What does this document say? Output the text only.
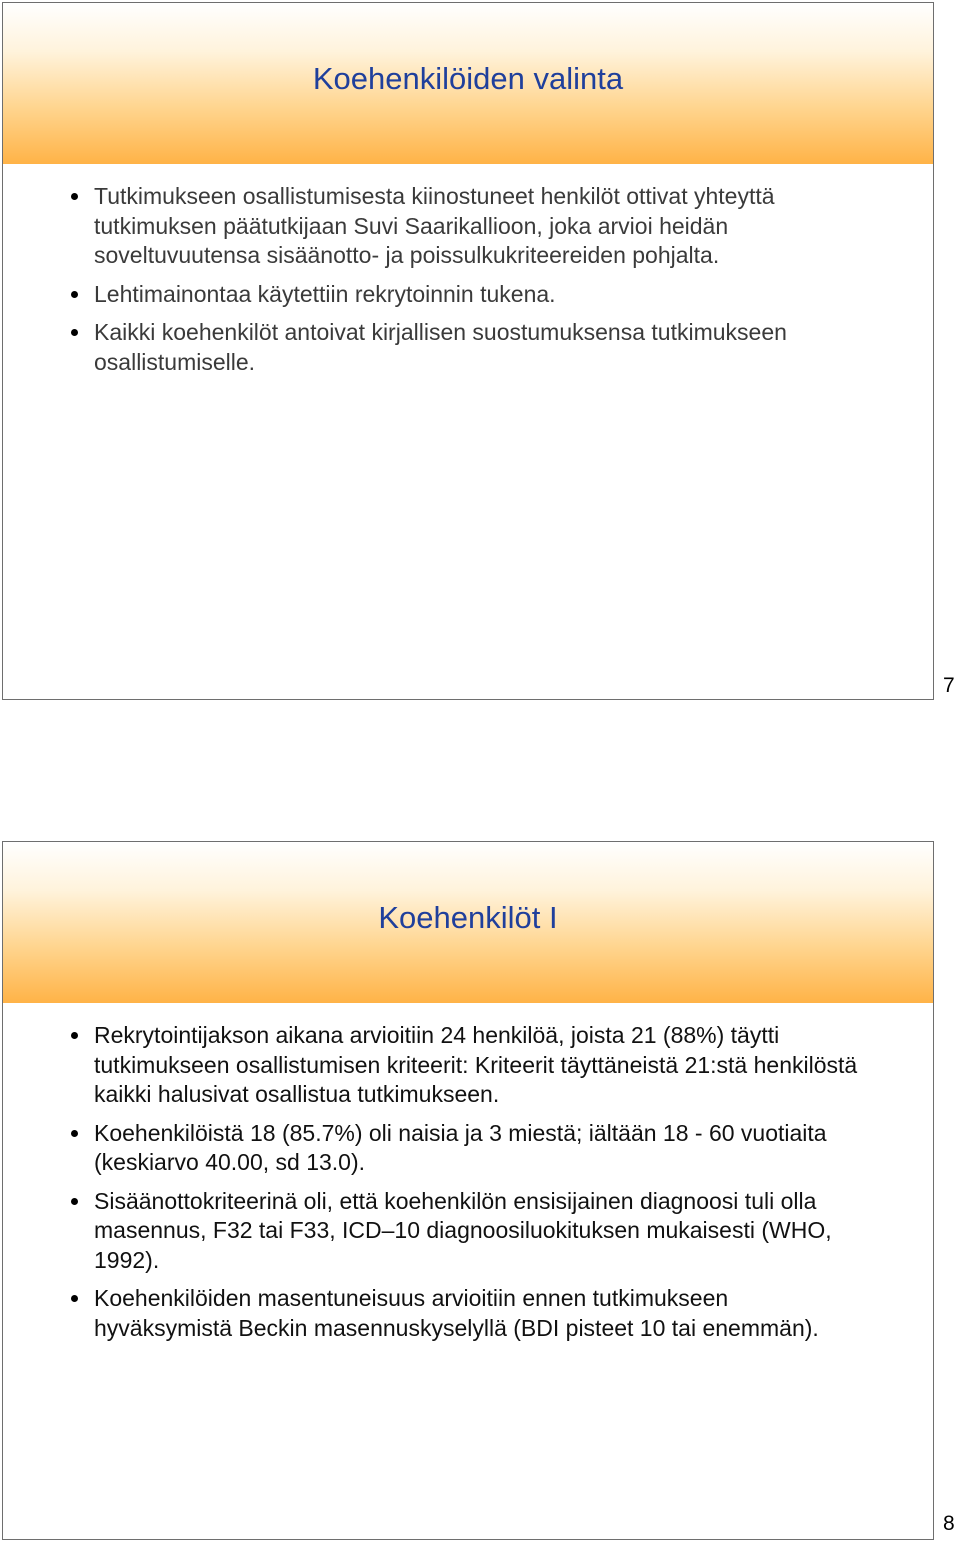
Koehenkilöiden valinta
Tutkimukseen osallistumisesta kiinostuneet henkilöt ottivat yhteyttä tutkimuksen päätutkijaan Suvi Saarikallioon, joka arvioi heidän soveltuvuutensa sisäänotto- ja poissulkukriteereiden pohjalta.
Lehtimainontaa käytettiin rekrytoinnin tukena.
Kaikki koehenkilöt antoivat kirjallisen suostumuksensa tutkimukseen osallistumiselle.
7
Koehenkilöt I
Rekrytointijakson aikana arvioitiin 24 henkilöä, joista 21 (88%) täytti tutkimukseen osallistumisen kriteerit: Kriteerit täyttäneistä 21:stä henkilöstä kaikki halusivat osallistua tutkimukseen.
Koehenkilöistä 18 (85.7%) oli naisia ja 3 miestä; iältään 18 - 60 vuotiaita (keskiarvo 40.00, sd 13.0).
Sisäänottokriteerinä oli, että koehenkilön ensisijainen diagnoosi tuli olla masennus, F32 tai F33, ICD–10 diagnoosiluokituksen mukaisesti (WHO, 1992).
Koehenkilöiden masentuneisuus arvioitiin ennen tutkimukseen hyväksymistä Beckin masennuskyselyllä (BDI pisteet 10 tai enemmän).
8
